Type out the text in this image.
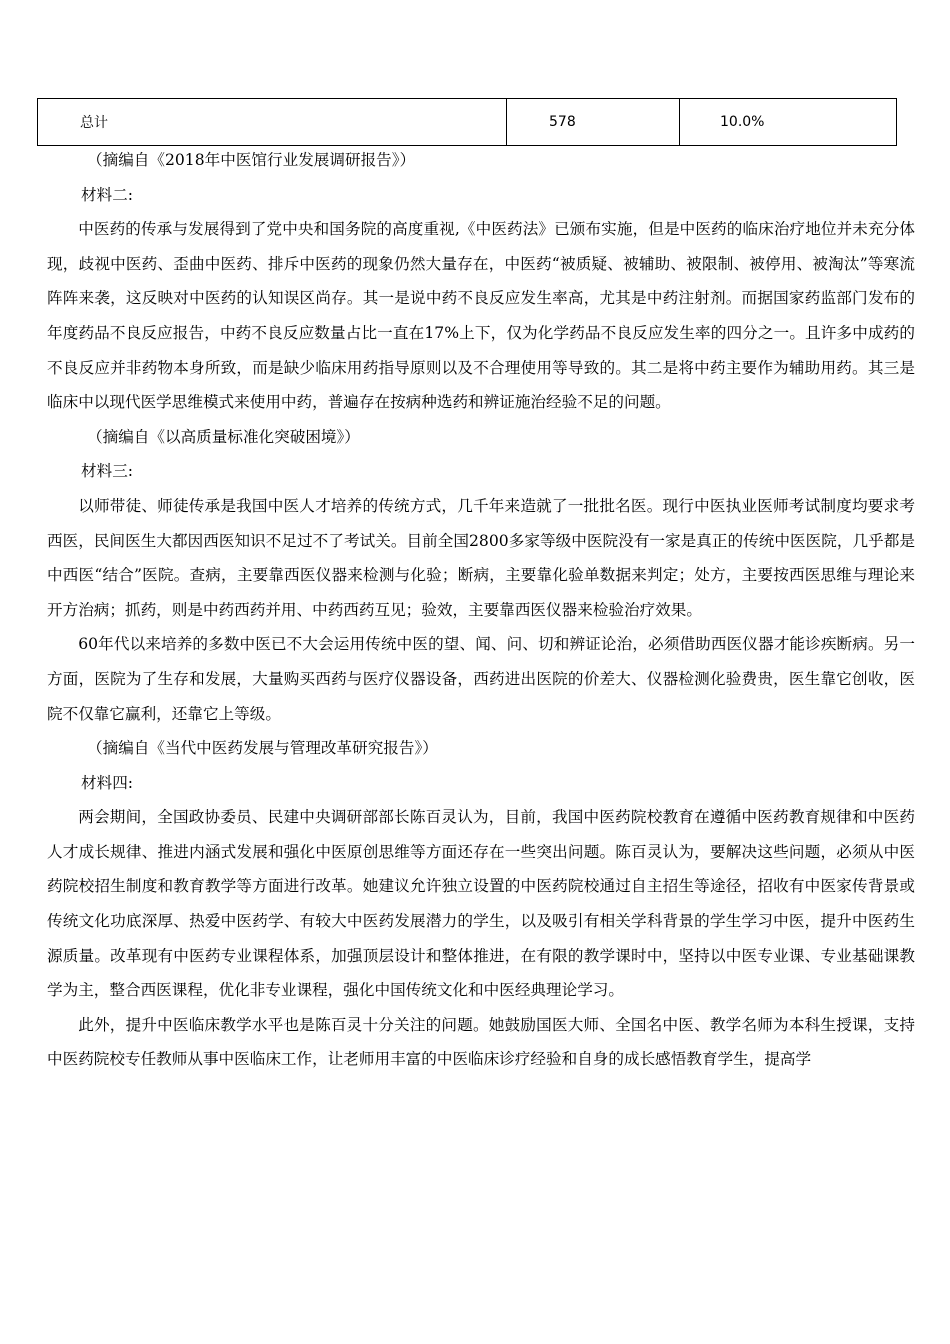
总计	578	10.0%

（摘编自《2018年中医馆行业发展调研报告》）

材料二:

中医药的传承与发展得到了党中央和国务院的高度重视,《中医药法》已颁布实施，但是中医药的临床治疗地位并未充分体现，歧视中医药、歪曲中医药、排斥中医药的现象仍然大量存在，中医药“被质疑、被辅助、被限制、被停用、被淘汰”等寒流阵阵来袭，这反映对中医药的认知误区尚存。其一是说中药不良反应发生率高，尤其是中药注射剂。而据国家药监部门发布的年度药品不良反应报告，中药不良反应数量占比一直在17%上下，仅为化学药品不良反应发生率的四分之一。且许多中成药的不良反应并非药物本身所致，而是缺少临床用药指导原则以及不合理使用等导致的。其二是将中药主要作为辅助用药。其三是临床中以现代医学思维模式来使用中药，普遍存在按病种选药和辨证施治经验不足的问题。

（摘编自《以高质量标准化突破困境》）

材料三:

以师带徒、师徒传承是我国中医人才培养的传统方式，几千年来造就了一批批名医。现行中医执业医师考试制度均要求考西医，民间医生大都因西医知识不足过不了考试关。目前全国2800多家等级中医院没有一家是真正的传统中医医院，几乎都是中西医“结合”医院。查病，主要靠西医仪器来检测与化验；断病，主要靠化验单数据来判定；处方，主要按西医思维与理论来开方治病；抓药，则是中药西药并用、中药西药互见；验效，主要靠西医仪器来检验治疗效果。

60年代以来培养的多数中医已不大会运用传统中医的望、闻、问、切和辨证论治，必须借助西医仪器才能诊疾断病。另一方面，医院为了生存和发展，大量购买西药与医疗仪器设备，西药进出医院的价差大、仪器检测化验费贵，医生靠它创收，医院不仅靠它赢利，还靠它上等级。

（摘编自《当代中医药发展与管理改革研究报告》）

材料四:

两会期间，全国政协委员、民建中央调研部部长陈百灵认为，目前，我国中医药院校教育在遵循中医药教育规律和中医药人才成长规律、推进内涵式发展和强化中医原创思维等方面还存在一些突出问题。陈百灵认为，要解决这些问题，必须从中医药院校招生制度和教育教学等方面进行改革。她建议允许独立设置的中医药院校通过自主招生等途径，招收有中医家传背景或传统文化功底深厚、热爱中医药学、有较大中医药发展潜力的学生，以及吸引有相关学科背景的学生学习中医，提升中医药生源质量。改革现有中医药专业课程体系，加强顶层设计和整体推进，在有限的教学课时中，坚持以中医专业课、专业基础课教学为主，整合西医课程，优化非专业课程，强化中国传统文化和中医经典理论学习。

此外，提升中医临床教学水平也是陈百灵十分关注的问题。她鼓励国医大师、全国名中医、教学名师为本科生授课，支持中医药院校专任教师从事中医临床工作，让老师用丰富的中医临床诊疗经验和自身的成长感悟教育学生，提高学
